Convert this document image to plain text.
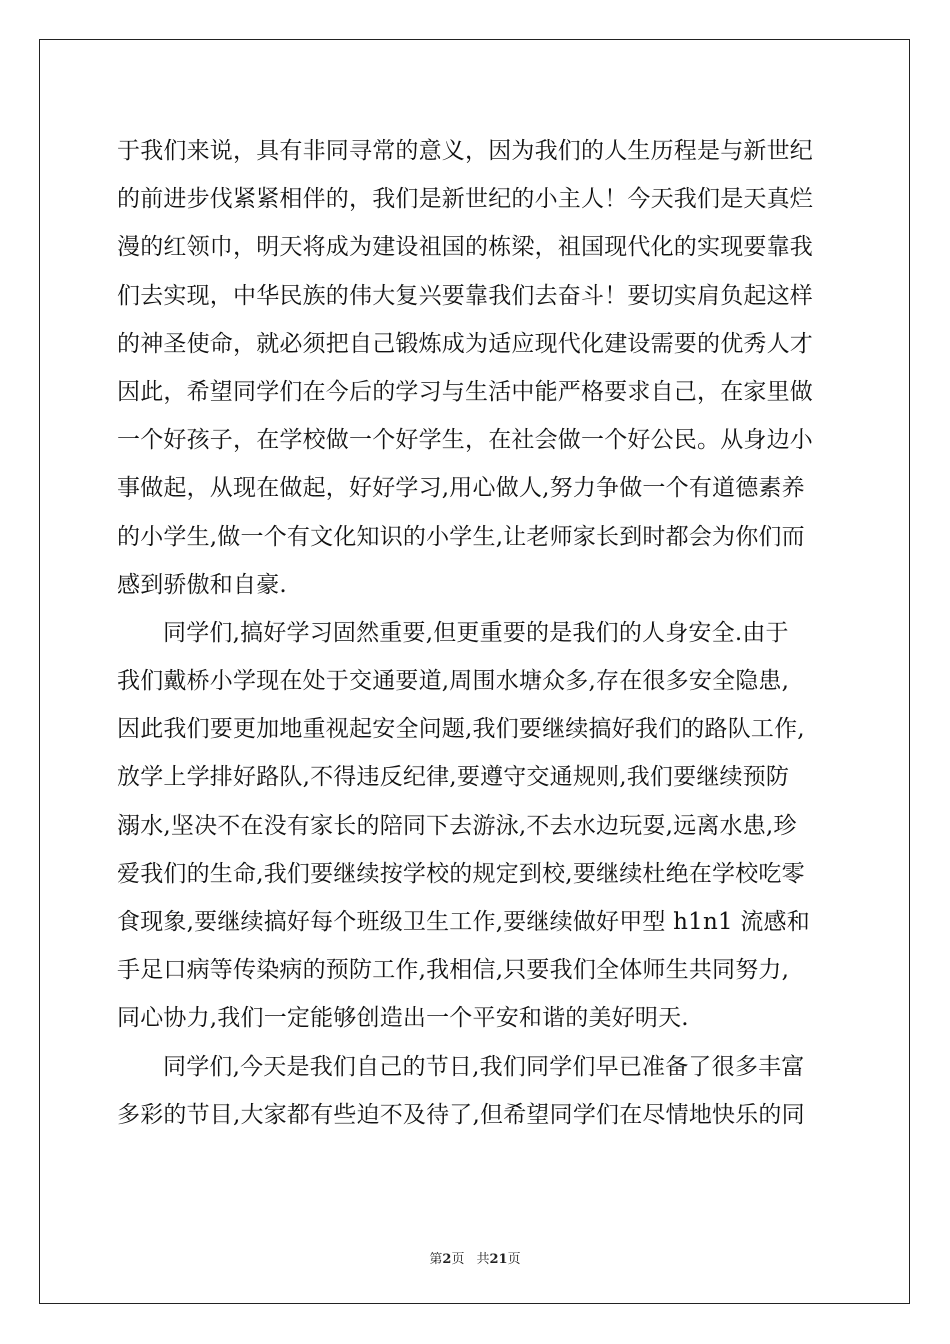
于我们来说，具有非同寻常的意义，因为我们的人生历程是与新世纪
的前进步伐紧紧相伴的，我们是新世纪的小主人！今天我们是天真烂
漫的红领巾，明天将成为建设祖国的栋梁，祖国现代化的实现要靠我
们去实现，中华民族的伟大复兴要靠我们去奋斗！要切实肩负起这样
的神圣使命，就必须把自己锻炼成为适应现代化建设需要的优秀人才
因此，希望同学们在今后的学习与生活中能严格要求自己，在家里做
一个好孩子，在学校做一个好学生，在社会做一个好公民。从身边小
事做起，从现在做起，好好学习,用心做人,努力争做一个有道德素养
的小学生,做一个有文化知识的小学生,让老师家长到时都会为你们而
感到骄傲和自豪.
同学们,搞好学习固然重要,但更重要的是我们的人身安全.由于
我们戴桥小学现在处于交通要道,周围水塘众多,存在很多安全隐患,
因此我们要更加地重视起安全问题,我们要继续搞好我们的路队工作,
放学上学排好路队,不得违反纪律,要遵守交通规则,我们要继续预防
溺水,坚决不在没有家长的陪同下去游泳,不去水边玩耍,远离水患,珍
爱我们的生命,我们要继续按学校的规定到校,要继续杜绝在学校吃零
食现象,要继续搞好每个班级卫生工作,要继续做好甲型 h1n1 流感和
手足口病等传染病的预防工作,我相信,只要我们全体师生共同努力,
同心协力,我们一定能够创造出一个平安和谐的美好明天.
同学们,今天是我们自己的节日,我们同学们早已准备了很多丰富
多彩的节目,大家都有些迫不及待了,但希望同学们在尽情地快乐的同
第2页 共21页
